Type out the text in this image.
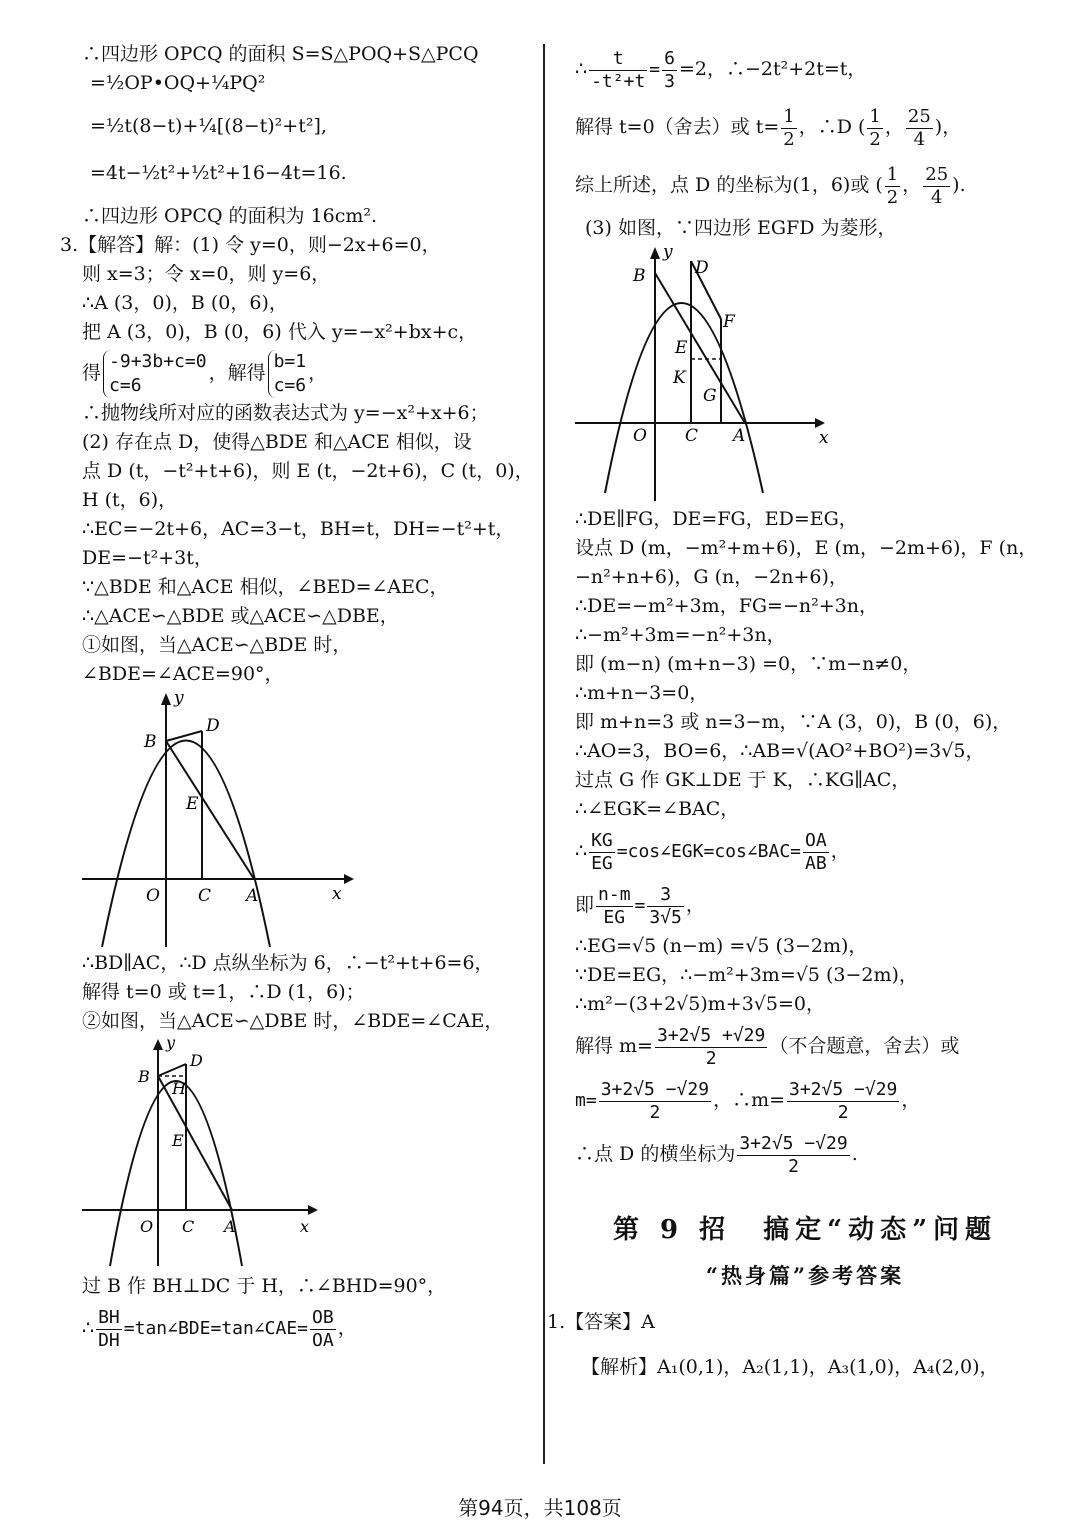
∴四边形 OPCQ 的面积 S=S△POQ+S△PCQ
=½OP•OQ+¼PQ²
=½t(8−t)+¼[(8−t)²+t²],
=4t−½t²+½t²+16−4t=16.
∴四边形 OPCQ 的面积为 16cm².
3.【解答】解：(1) 令 y=0，则−2x+6=0，
则 x=3；令 x=0，则 y=6，
∴A (3，0)，B (0，6)，
把 A (3，0)，B (0，6) 代入 y=−x²+bx+c，
得
-9+3b+c=0
c=6
，解得
b=1
c=6
，
∴抛物线所对应的函数表达式为 y=−x²+x+6；
(2) 存在点 D，使得△BDE 和△ACE 相似，设
点 D (t，−t²+t+6)，则 E (t，−2t+6)，C (t，0)，
H (t，6)，
∴EC=−2t+6，AC=3−t，BH=t，DH=−t²+t，
DE=−t²+3t，
∵△BDE 和△ACE 相似，∠BED=∠AEC，
∴△ACE∽△BDE 或△ACE∽△DBE，
①如图，当△ACE∽△BDE 时，
∠BDE=∠ACE=90°，
y
x
B
D
E
O C A
∴BD∥AC，∴D 点纵坐标为 6，∴−t²+t+6=6，
解得 t=0 或 t=1，∴D (1，6)；
②如图，当△ACE∽△DBE 时，∠BDE=∠CAE，
y
x
B
D
H
E
O C A
过 B 作 BH⊥DC 于 H，∴∠BHD=90°，
∴ $\frac{BH}{DH}$ =tan∠BDE=tan∠CAE= $\frac{OB}{OA}$ ，
∴ $\frac{t}{\text{-t²+t}} = \frac{6}{3} =2$，∴−2t²+2t=t，
解得 t=0（舍去）或 $t= \frac{1}{2}$ ，∴D ( $\frac{1}{2}$ ， $\frac{25}{4}$ )，
综上所述，点 D 的坐标为(1，6)或 ( $\frac{1}{2}$ ， $\frac{25}{4}$ ).
(3) 如图，∵四边形 EGFD 为菱形，
y
x
B	D
F
E
K
G
O C A
∴DE∥FG，DE=FG，ED=EG，
设点 D (m，−m²+m+6)，E (m，−2m+6)，F (n，
−n²+n+6)，G (n，−2n+6)，
∴DE=−m²+3m，FG=−n²+3n，
∴−m²+3m=−n²+3n，
即 (m−n) (m+n−3) =0，∵m−n≠0，
∴m+n−3=0，
即 m+n=3 或 n=3−m，∵A (3，0)，B (0，6)，
∴AO=3，BO=6，∴AB=√(AO²+BO²)=3√5，
过点 G 作 GK⊥DE 于 K，∴KG∥AC，
∴∠EGK=∠BAC，
∴ $\frac{KG}{EG}$ =cos∠EGK=cos∠BAC= $\frac{OA}{AB}$ ，
即 $\frac{n-m}{EG} = \frac{3}{3√5}$ ，
∴EG=√5 (n−m) =√5 (3−2m)，
∵DE=EG，∴−m²+3m=√5 (3−2m)，
∴m²−(3+2√5)m+3√5=0，
解得 $m= \frac{3+2√5 +√29}{2}$ （不合题意，舍去）或
$m= \frac{3+2√5 -√29}{2}$ ，∴m= $\frac{3+2√5 -√29}{2}$ ，
∴点 D 的横坐标为 $\frac{3+2√5 -√29}{2}$ .
第 9 招　搞定“动态”问题
“热身篇”参考答案
1.【答案】A
【解析】A₁(0,1)，A₂(1,1)，A₃(1,0)，A₄(2,0)，
第94页，共108页
